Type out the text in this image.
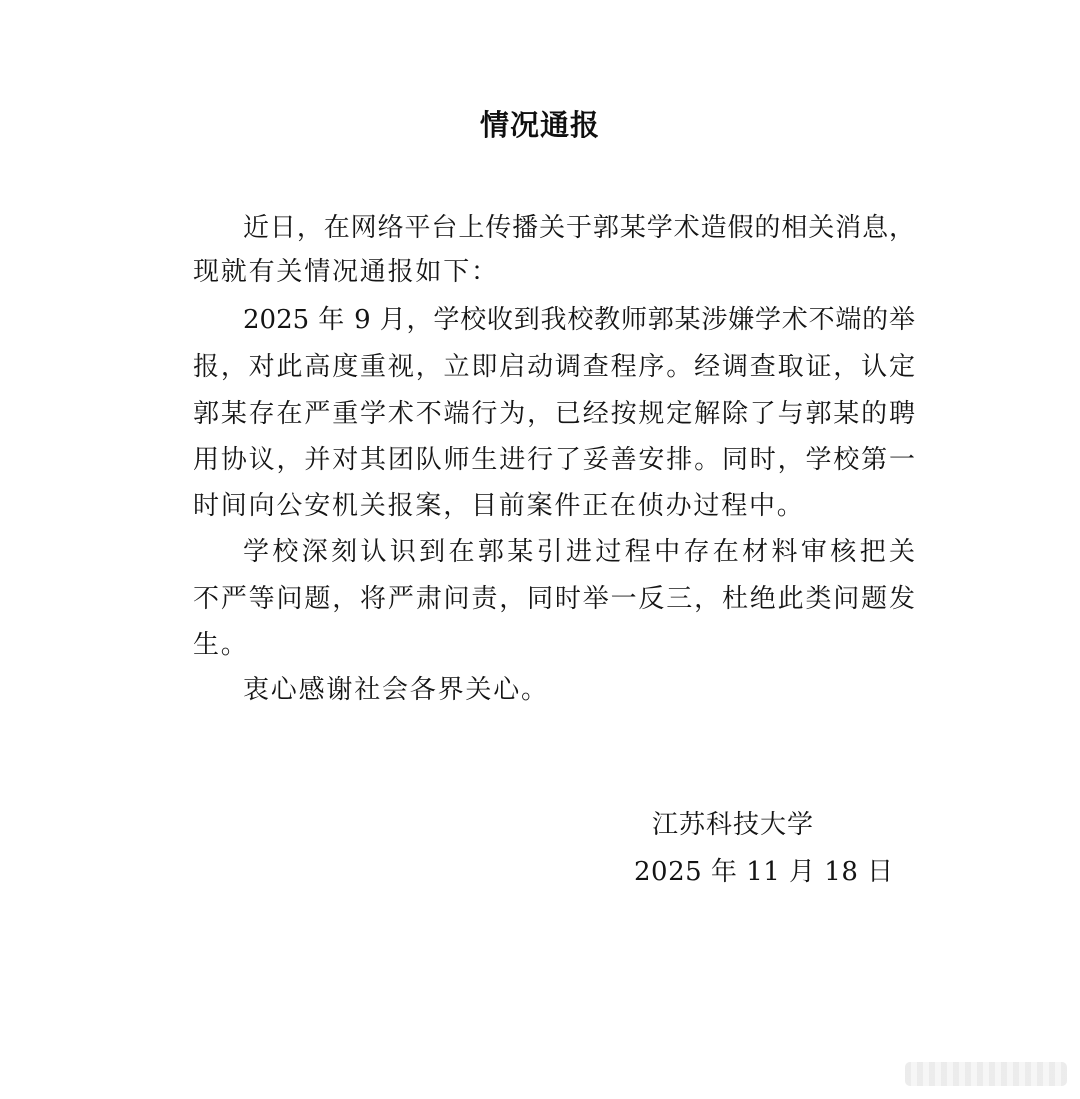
情况通报
近日，在网络平台上传播关于郭某学术造假的相关消息，
现就有关情况通报如下：
2025 年 9 月，学校收到我校教师郭某涉嫌学术不端的举
报，对此高度重视，立即启动调查程序。经调查取证，认定
郭某存在严重学术不端行为，已经按规定解除了与郭某的聘
用协议，并对其团队师生进行了妥善安排。同时，学校第一
时间向公安机关报案，目前案件正在侦办过程中。
学校深刻认识到在郭某引进过程中存在材料审核把关
不严等问题，将严肃问责，同时举一反三，杜绝此类问题发
生。
衷心感谢社会各界关心。
江苏科技大学
2025 年 11 月 18 日
